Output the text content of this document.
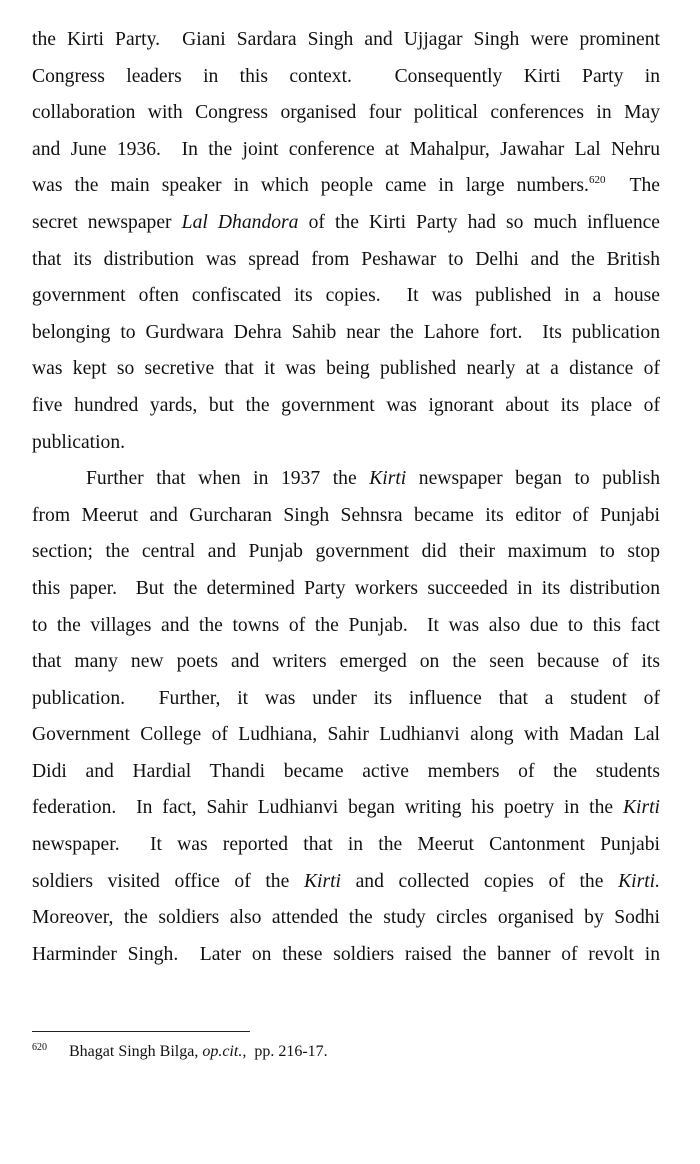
the Kirti Party.  Giani Sardara Singh and Ujjagar Singh were prominent
Congress leaders in this context.  Consequently Kirti Party in
collaboration with Congress organised four political conferences in May
and June 1936.  In the joint conference at Mahalpur, Jawahar Lal Nehru
was the main speaker in which people came in large numbers.$^{620}$  The
secret newspaper Lal Dhandora of the Kirti Party had so much influence
that its distribution was spread from Peshawar to Delhi and the British
government often confiscated its copies.  It was published in a house
belonging to Gurdwara Dehra Sahib near the Lahore fort.  Its publication
was kept so secretive that it was being published nearly at a distance of
five hundred yards, but the government was ignorant about its place of
publication.
Further that when in 1937 the Kirti newspaper began to publish
from Meerut and Gurcharan Singh Sehnsra became its editor of Punjabi
section; the central and Punjab government did their maximum to stop
this paper.  But the determined Party workers succeeded in its distribution
to the villages and the towns of the Punjab.  It was also due to this fact
that many new poets and writers emerged on the seen because of its
publication.  Further, it was under its influence that a student of
Government College of Ludhiana, Sahir Ludhianvi along with Madan Lal
Didi and Hardial Thandi became active members of the students
federation.  In fact, Sahir Ludhianvi began writing his poetry in the Kirti
newspaper.  It was reported that in the Meerut Cantonment Punjabi
soldiers visited office of the Kirti and collected copies of the Kirti.
Moreover, the soldiers also attended the study circles organised by Sodhi
Harminder Singh.  Later on these soldiers raised the banner of revolt in
$^{620}$ Bhagat Singh Bilga, op.cit.,  pp. 216-17.
